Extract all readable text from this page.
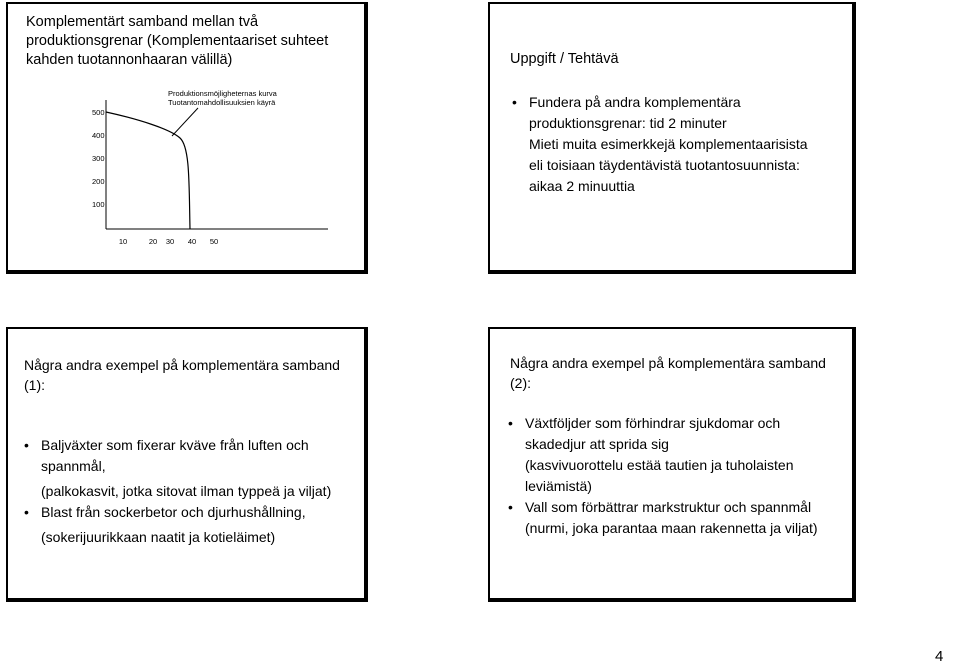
Komplementärt samband mellan två produktionsgrenar (Komplementaariset suhteet kahden tuotannonhaaran välillä)
500
400
300
200
100
10	20 30 40 50
Produktionsmöjligheternas kurva
Tuotantomahdollisuuksien käyrä
Uppgift / Tehtävä
• Fundera på andra komplementära produktionsgrenar: tid 2 minuter
Mieti muita esimerkkejä komplementaarisista eli toisiaan täydentävistä tuotantosuunnista: aikaa 2 minuuttia
Några andra exempel på komplementära samband (1):
• Baljväxter som fixerar kväve från luften och spannmål,
(palkokasvit, jotka sitovat ilman typpeä ja viljat)
• Blast från sockerbetor och djurhushållning,
(sokerijuurikkaan naatit ja kotieläimet)
Några andra exempel på komplementära samband (2):
• Växtföljder som förhindrar sjukdomar och skadedjur att sprida sig
(kasvivuorottelu estää tautien ja tuholaisten leviämistä)
• Vall som förbättrar markstruktur och spannmål (nurmi, joka parantaa maan rakennetta ja viljat)
4
